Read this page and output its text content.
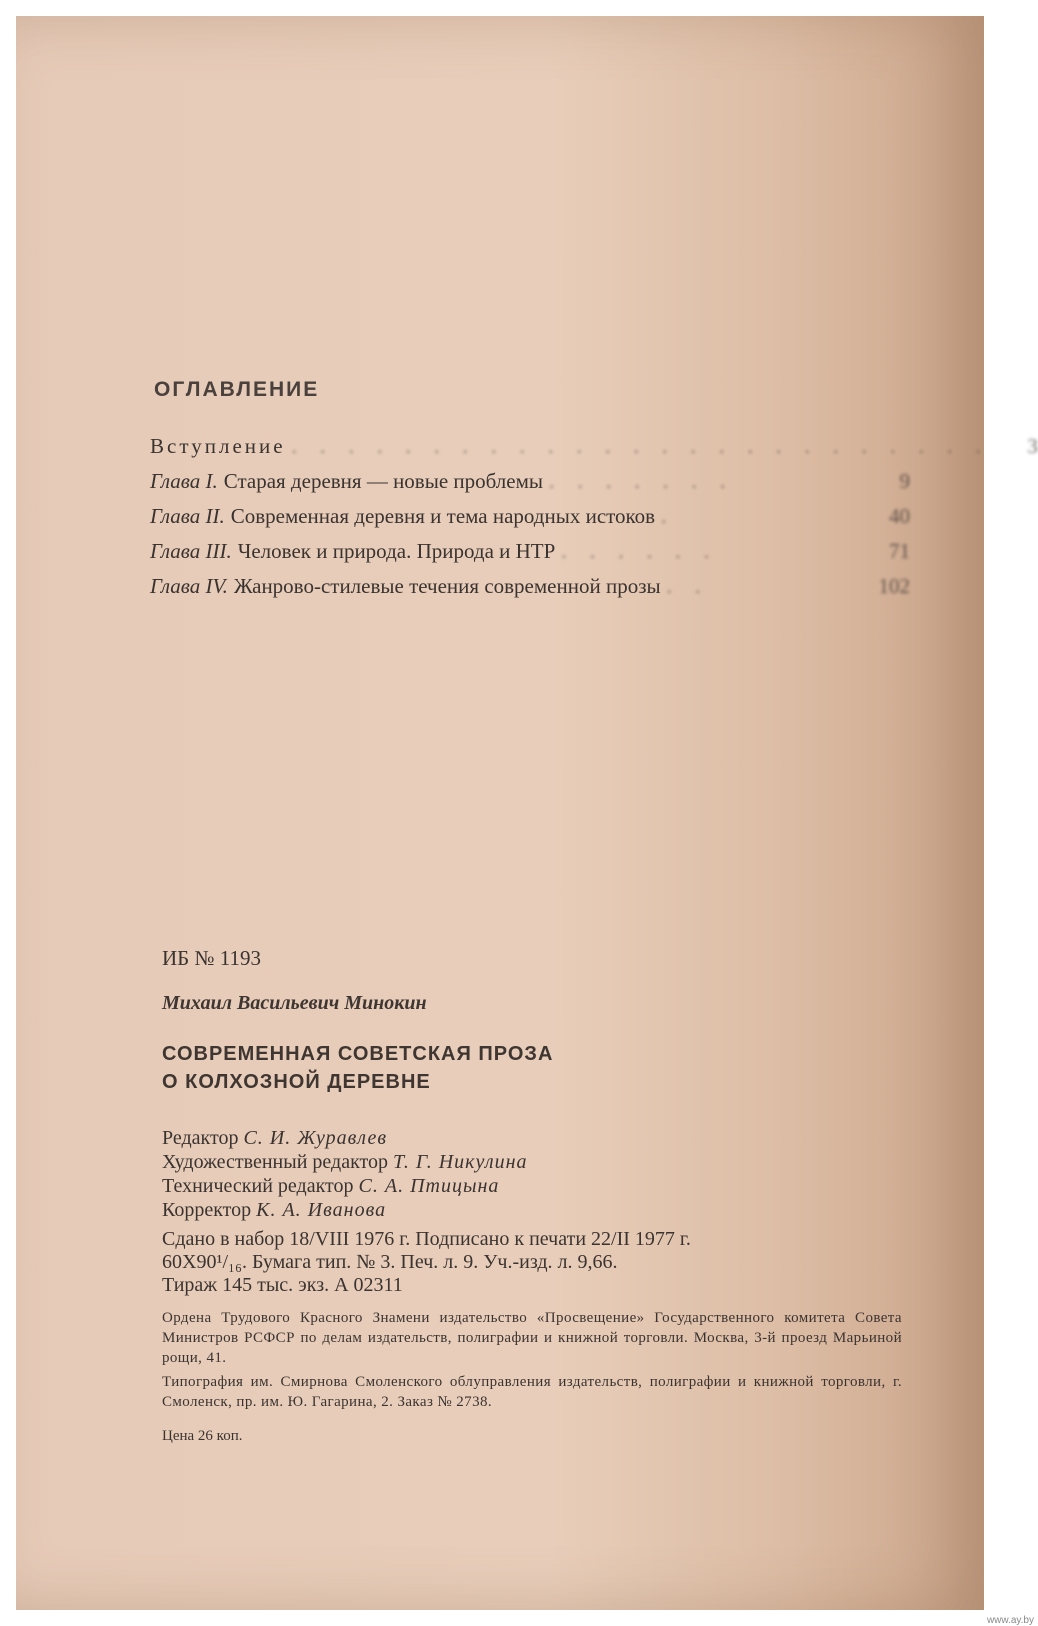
ОГЛАВЛЕНИЕ
Вступление . . . . . . . . . . . . . . . . . . . . . . . . .	3
Глава I. Старая деревня — новые проблемы . . . . . . .	9
Глава II. Современная деревня и тема народных истоков .	40
Глава III. Человек и природа. Природа и НТР . . . . . .	71
Глава IV. Жанрово-стилевые течения современной прозы . .	102
ИБ № 1193
Михаил Васильевич Минокин
СОВРЕМЕННАЯ СОВЕТСКАЯ ПРОЗА
О КОЛХОЗНОЙ ДЕРЕВНЕ
Редактор С. И. Журавлев
Художественный редактор Т. Г. Никулина
Технический редактор С. А. Птицына
Корректор К. А. Иванова
Сдано в набор 18/VIII 1976 г. Подписано к печати 22/II 1977 г.
60X90¹/₁₆. Бумага тип. № 3. Печ. л. 9. Уч.-изд. л. 9,66.
Тираж 145 тыс. экз. А 02311
Ордена Трудового Красного Знамени издательство «Просвещение» Государственного комитета Совета Министров РСФСР по делам издательств, полиграфии и книжной торговли. Москва, 3-й проезд Марьиной рощи, 41.
Типография им. Смирнова Смоленского облуправления издательств, полиграфии и книжной торговли, г. Смоленск, пр. им. Ю. Гагарина, 2. Заказ № 2738.
Цена 26 коп.
www.ay.by
